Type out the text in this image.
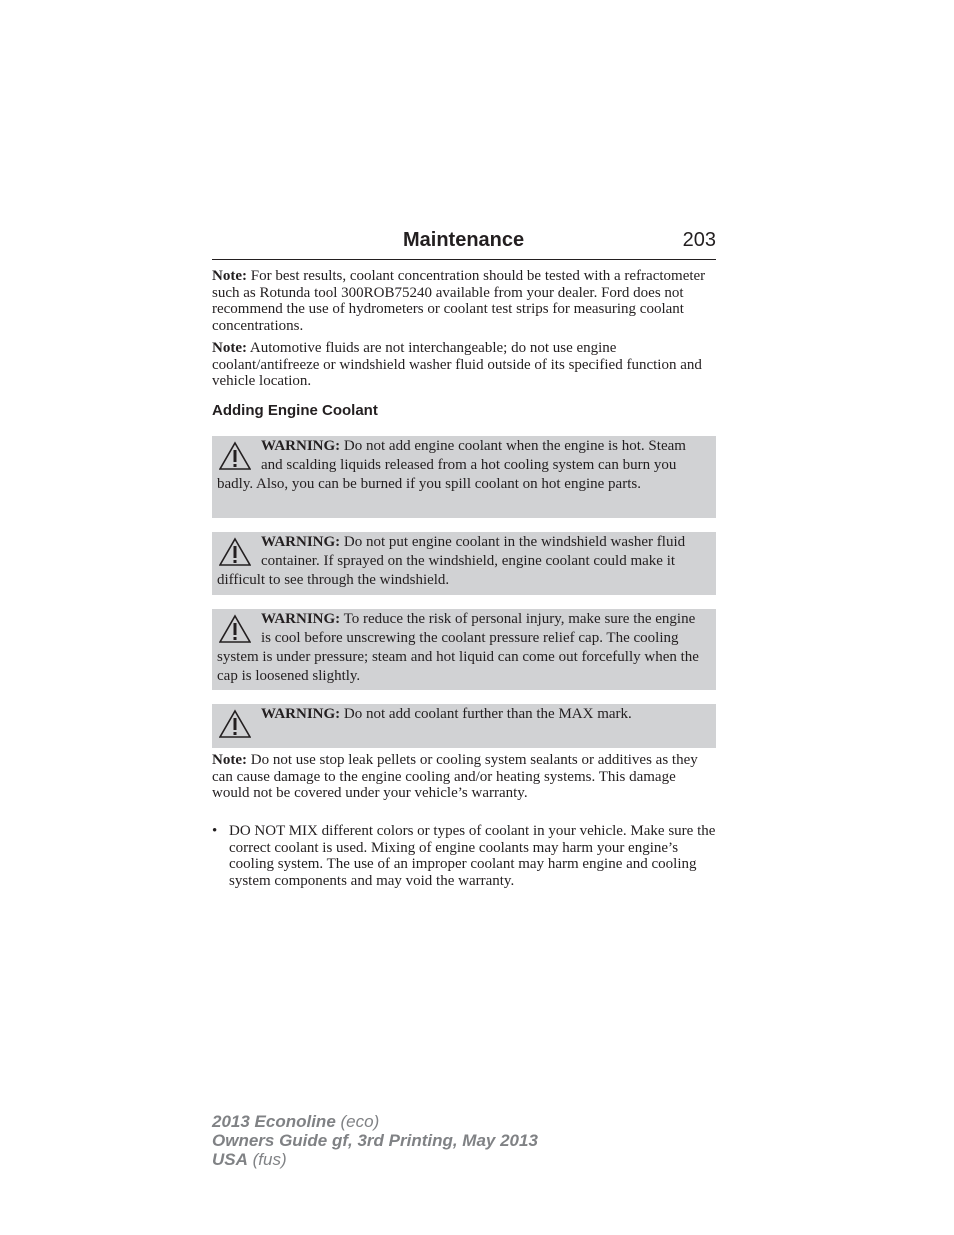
Maintenance	203
Note: For best results, coolant concentration should be tested with a refractometer such as Rotunda tool 300ROB75240 available from your dealer. Ford does not recommend the use of hydrometers or coolant test strips for measuring coolant concentrations.
Note: Automotive fluids are not interchangeable; do not use engine coolant/antifreeze or windshield washer fluid outside of its specified function and vehicle location.
Adding Engine Coolant
WARNING: Do not add engine coolant when the engine is hot. Steam and scalding liquids released from a hot cooling system can burn you badly. Also, you can be burned if you spill coolant on hot engine parts.
WARNING: Do not put engine coolant in the windshield washer fluid container. If sprayed on the windshield, engine coolant could make it difficult to see through the windshield.
WARNING: To reduce the risk of personal injury, make sure the engine is cool before unscrewing the coolant pressure relief cap. The cooling system is under pressure; steam and hot liquid can come out forcefully when the cap is loosened slightly.
WARNING: Do not add coolant further than the MAX mark.
Note: Do not use stop leak pellets or cooling system sealants or additives as they can cause damage to the engine cooling and/or heating systems. This damage would not be covered under your vehicle’s warranty.
• DO NOT MIX different colors or types of coolant in your vehicle. Make sure the correct coolant is used. Mixing of engine coolants may harm your engine’s cooling system. The use of an improper coolant may harm engine and cooling system components and may void the warranty.
2013 Econoline (eco)
Owners Guide gf, 3rd Printing, May 2013
USA (fus)
